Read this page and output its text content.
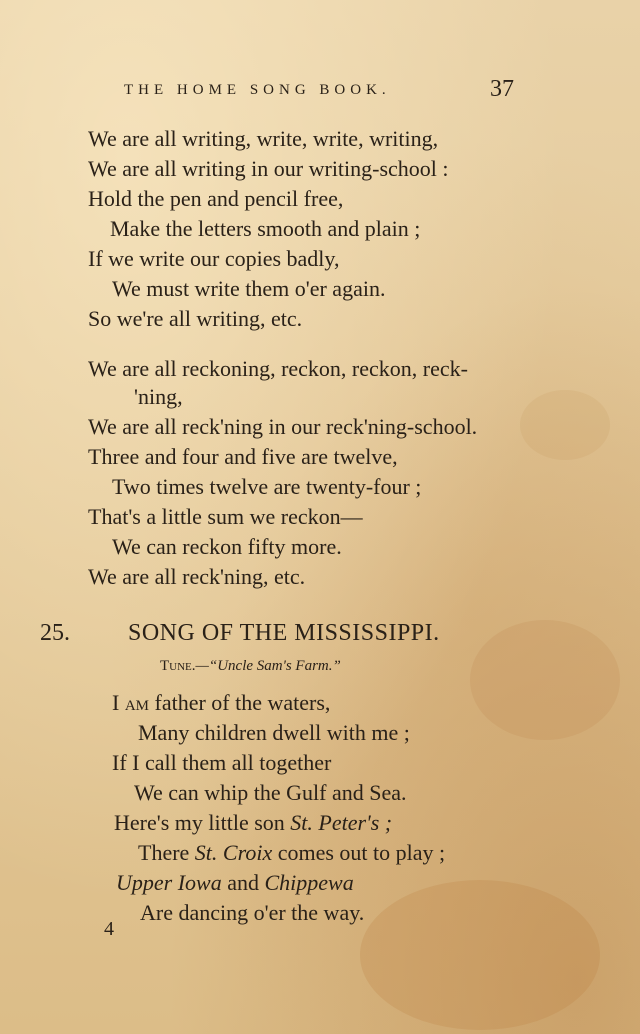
THE HOME SONG BOOK.	37
We are all writing, write, write, writing,
We are all writing in our writing-school :
Hold the pen and pencil free,
Make the letters smooth and plain ;
If we write our copies badly,
We must write them o'er again.
So we're all writing, etc.
We are all reckoning, reckon, reckon, reck-
'ning,
We are all reck'ning in our reck'ning-school.
Three and four and five are twelve,
Two times twelve are twenty-four ;
That's a little sum we reckon—
We can reckon fifty more.
We are all reck'ning, etc.
25. SONG OF THE MISSISSIPPI.
Tune.—“Uncle Sam's Farm.”
I am father of the waters,
Many children dwell with me ;
If I call them all together
We can whip the Gulf and Sea.
Here's my little son St. Peter's ;
There St. Croix comes out to play ;
Upper Iowa and Chippewa
Are dancing o'er the way.
4
